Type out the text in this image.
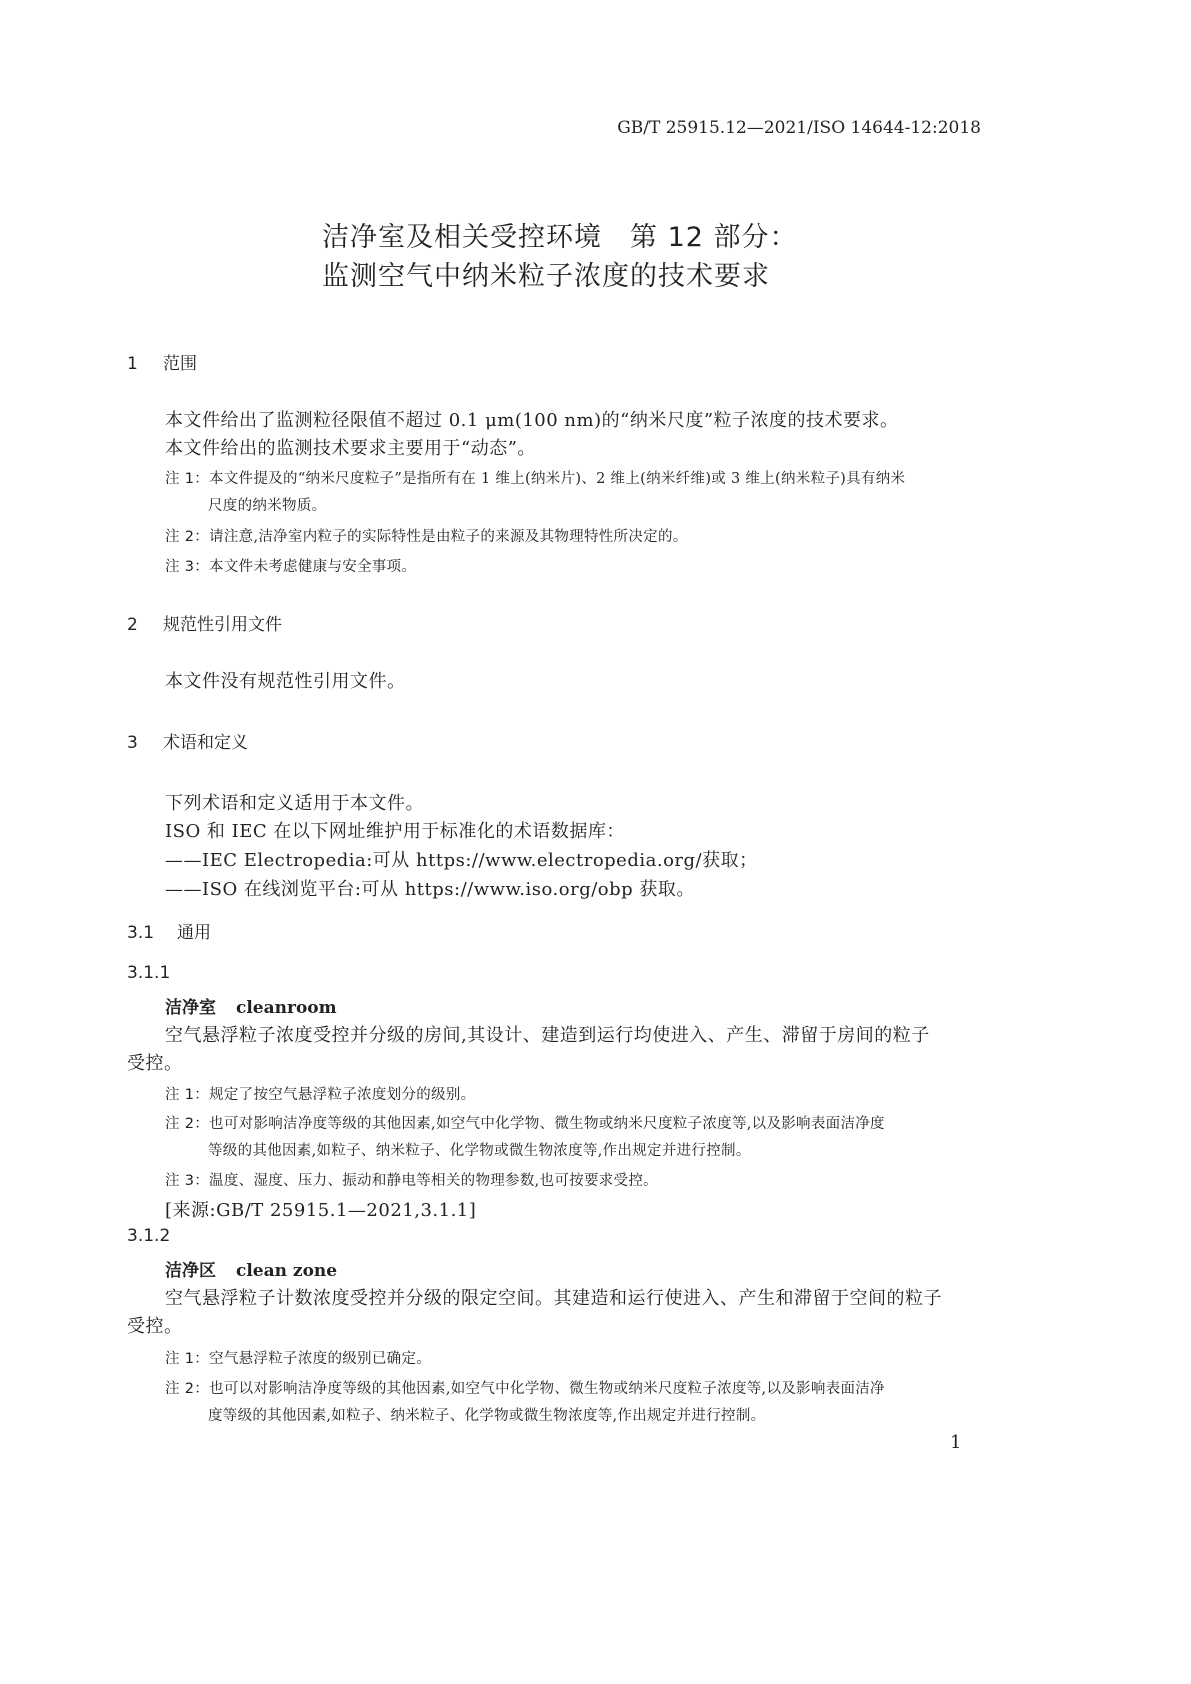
GB/T 25915.12—2021/ISO 14644-12:2018
洁净室及相关受控环境　第 12 部分：
监测空气中纳米粒子浓度的技术要求
1 范围
本文件给出了监测粒径限值不超过 0.1 μm(100 nm)的“纳米尺度”粒子浓度的技术要求。
本文件给出的监测技术要求主要用于“动态”。
注 1：本文件提及的“纳米尺度粒子”是指所有在 1 维上(纳米片)、2 维上(纳米纤维)或 3 维上(纳米粒子)具有纳米
尺度的纳米物质。
注 2：请注意,洁净室内粒子的实际特性是由粒子的来源及其物理特性所决定的。
注 3：本文件未考虑健康与安全事项。
2 规范性引用文件
本文件没有规范性引用文件。
3 术语和定义
下列术语和定义适用于本文件。
ISO 和 IEC 在以下网址维护用于标准化的术语数据库：
——IEC Electropedia:可从 https://www.electropedia.org/获取；
——ISO 在线浏览平台:可从 https://www.iso.org/obp 获取。
3.1 通用
3.1.1
洁净室 cleanroom
空气悬浮粒子浓度受控并分级的房间,其设计、建造到运行均使进入、产生、滞留于房间的粒子
受控。
注 1：规定了按空气悬浮粒子浓度划分的级别。
注 2：也可对影响洁净度等级的其他因素,如空气中化学物、微生物或纳米尺度粒子浓度等,以及影响表面洁净度
等级的其他因素,如粒子、纳米粒子、化学物或微生物浓度等,作出规定并进行控制。
注 3：温度、湿度、压力、振动和静电等相关的物理参数,也可按要求受控。
[来源:GB/T 25915.1—2021,3.1.1]
3.1.2
洁净区 clean zone
空气悬浮粒子计数浓度受控并分级的限定空间。其建造和运行使进入、产生和滞留于空间的粒子
受控。
注 1：空气悬浮粒子浓度的级别已确定。
注 2：也可以对影响洁净度等级的其他因素,如空气中化学物、微生物或纳米尺度粒子浓度等,以及影响表面洁净
度等级的其他因素,如粒子、纳米粒子、化学物或微生物浓度等,作出规定并进行控制。
1
